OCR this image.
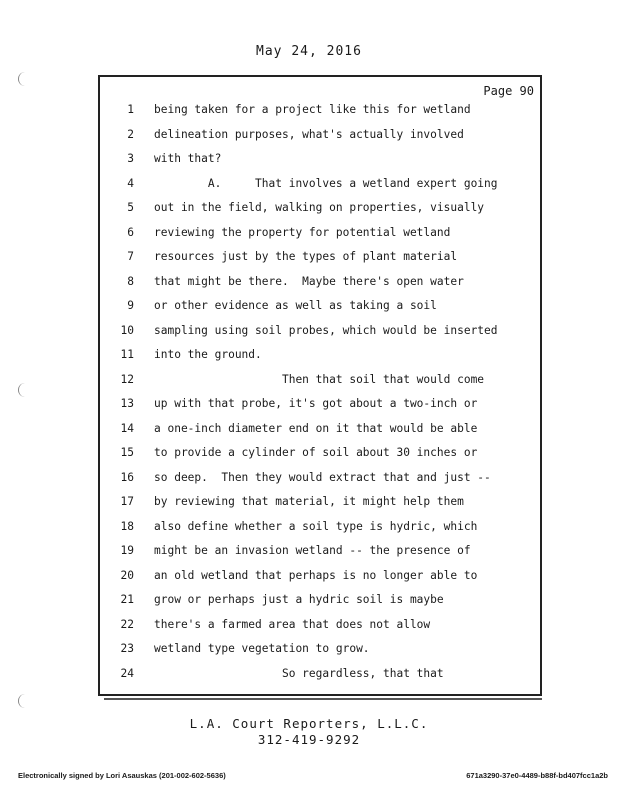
May 24, 2016
Page 90
1 being taken for a project like this for wetland
2 delineation purposes, what's actually involved
3 with that?
4 A.     That involves a wetland expert going
5 out in the field, walking on properties, visually
6 reviewing the property for potential wetland
7 resources just by the types of plant material
8 that might be there.  Maybe there's open water
9 or other evidence as well as taking a soil
10 sampling using soil probes, which would be inserted
11 into the ground.
12 Then that soil that would come
13 up with that probe, it's got about a two-inch or
14 a one-inch diameter end on it that would be able
15 to provide a cylinder of soil about 30 inches or
16 so deep.  Then they would extract that and just --
17 by reviewing that material, it might help them
18 also define whether a soil type is hydric, which
19 might be an invasion wetland -- the presence of
20 an old wetland that perhaps is no longer able to
21 grow or perhaps just a hydric soil is maybe
22 there's a farmed area that does not allow
23 wetland type vegetation to grow.
24 So regardless, that that
L.A. Court Reporters, L.L.C.
312-419-9292
Electronically signed by Lori Asauskas (201-002-602-5636)	671a3290-37e0-4489-b88f-bd407fcc1a2b
